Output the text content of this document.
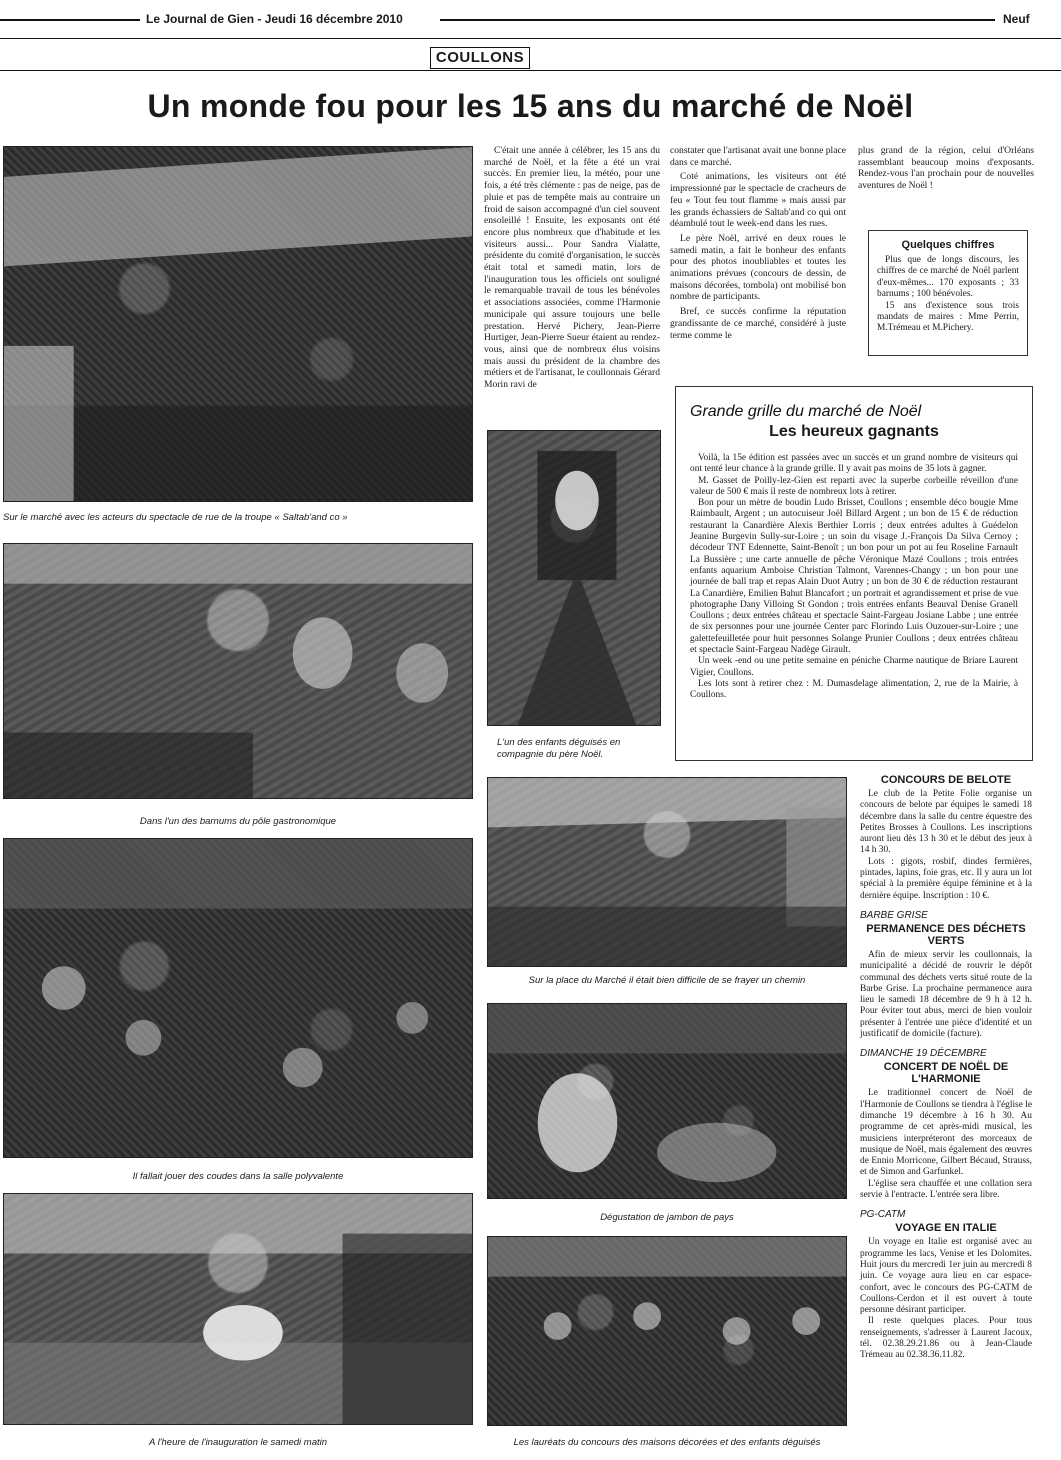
Le Journal de Gien - Jeudi 16 décembre 2010	Neuf
COULLONS
Un monde fou pour les 15 ans du marché de Noël
Sur le marché avec les acteurs du spectacle de rue de la troupe « Saltab'and co »
Dans l'un des barnums du pôle gastronomique
Il fallait jouer des coudes dans la salle polyvalente
A l'heure de l'inauguration le samedi matin

C'était une année à célébrer, les 15 ans du marché de Noël, et la fête a été un vrai succès. En premier lieu, la météo, pour une fois, a été très clémente : pas de neige, pas de pluie et pas de tempête mais au contraire un froid de saison accompagné d'un ciel souvent ensoleillé ! Ensuite, les exposants ont été encore plus nombreux que d'habitude et les visiteurs aussi... Pour Sandra Vialatte, présidente du comité d'organisation, le succès était total et samedi matin, lors de l'inauguration tous les officiels ont souligné le remarquable travail de tous les bénévoles et associations associées, comme l'Harmonie municipale qui assure toujours une belle prestation. Hervé Pichery, Jean-Pierre Hurtiger, Jean-Pierre Sueur étaient au rendez-vous, ainsi que de nombreux élus voisins mais aussi du président de la chambre des métiers et de l'artisanat, le coullonnais Gérard Morin ravi de

constater que l'artisanat avait une bonne place dans ce marché.

Coté animations, les visiteurs ont été impressionné par le spectacle de cracheurs de feu « Tout feu tout flamme » mais aussi par les grands échassiers de Saltab'and co qui ont déambulé tout le week-end dans les rues.

Le père Noël, arrivé en deux roues le samedi matin, a fait le bonheur des enfants pour des photos inoubliables et toutes les animations prévues (concours de dessin, de maisons décorées, tombola) ont mobilisé bon nombre de participants.

Bref, ce succès confirme la réputation grandissante de ce marché, considéré à juste terme comme le

plus grand de la région, celui d'Orléans rassemblant beaucoup moins d'exposants. Rendez-vous l'an prochain pour de nouvelles aventures de Noël !

Quelques chiffres

Plus que de longs discours, les chiffres de ce marché de Noël parlent d'eux-mêmes... 170 exposants ; 33 barnums ; 100 bénévoles.

15 ans d'existence sous trois mandats de maires : Mme Perrin, M.Trémeau et M.Pichery.

L'un des enfants déguisés en compagnie du père Noël.
Grande grille du marché de Noël
Les heureux gagnants

Voilà, la 15e édition est passées avec un succès et un grand nombre de visiteurs qui ont tenté leur chance à la grande grille. Il y avait pas moins de 35 lots à gagner.

M. Gasset de Poilly-lez-Gien est reparti avec la superbe corbeille réveillon d'une valeur de 500 € mais il reste de nombreux lots à retirer.

Bon pour un mètre de boudin Ludo Brisset, Coullons ; ensemble déco bougie Mme Raimbault, Argent ; un autocuiseur Joël Billard Argent ; un bon de 15 € de réduction restaurant la Canardière Alexis Berthier Lorris ; deux entrées adultes à Guédelon Jeanine Burgevin Sully-sur-Loire ; un soin du visage J.-François Da Silva Cernoy ; décodeur TNT Edennette, Saint-Benoît ; un bon pour un pot au feu Roseline Farnault La Bussière ; une carte annuelle de pêche Véronique Mazé Coullons ; trois entrées enfants aquarium Amboise Christian Talmont, Varennes-Changy ; un bon pour une journée de ball trap et repas Alain Duot Autry ; un bon de 30 € de réduction restaurant La Canardière, Emilien Bahut Blancafort ; un portrait et agrandissement et prise de vue photographe Dany Villoing St Gondon ; trois entrées enfants Beauval Denise Granell Coullons ; deux entrées château et spectacle Saint-Fargeau Josiane Labbe ; une entrée de six personnes pour une journée Center parc Florindo Luis Ouzouer-sur-Loire ; une galettefeuilletée pour huit personnes Solange Prunier Coullons ; deux entrées château et spectacle Saint-Fargeau Nadège Girault.

Un week -end ou une petite semaine en péniche Charme nautique de Briare Laurent Vigier, Coullons.

Les lots sont à retirer chez : M. Dumasdelage alimentation, 2, rue de la Mairie, à Coullons.

Sur la place du Marché il était bien difficile de se frayer un chemin
Dégustation de jambon de pays
Les lauréats du concours des maisons décorées et des enfants déguisés
CONCOURS DE BELOTE

Le club de la Petite Folie organise un concours de belote par équipes le samedi 18 décembre dans la salle du centre équestre des Petites Brosses à Coullons. Les inscriptions auront lieu dès 13 h 30 et le début des jeux à 14 h 30.

Lots : gigots, rosbif, dindes fermières, pintades, lapins, foie gras, etc. Il y aura un lot spécial à la première équipe féminine et à la dernière équipe. Inscription : 10 €.

BARBE GRISE
PERMANENCE DES DÉCHETS VERTS

Afin de mieux servir les coullonnais, la municipalité a décidé de rouvrir le dépôt communal des déchets verts situé route de la Barbe Grise. La prochaine permanence aura lieu le samedi 18 décembre de 9 h à 12 h. Pour éviter tout abus, merci de bien vouloir présenter à l'entrée une pièce d'identité et un justificatif de domicile (facture).

DIMANCHE 19 DÉCEMBRE
CONCERT DE NOËL DE L'HARMONIE

Le traditionnel concert de Noël de l'Harmonie de Coullons se tiendra à l'église le dimanche 19 décembre à 16 h 30. Au programme de cet après-midi musical, les musiciens interpréteront des morceaux de musique de Noël, mais également des œuvres de Ennio Morricone, Gilbert Bécaud, Strauss, et de Simon and Garfunkel.

L'église sera chauffée et une collation sera servie à l'entracte. L'entrée sera libre.

PG-CATM
VOYAGE EN ITALIE

Un voyage en Italie est organisé avec au programme les lacs, Venise et les Dolomites. Huit jours du mercredi 1er juin au mercredi 8 juin. Ce voyage aura lieu en car espace-confort, avec le concours des PG-CATM de Coullons-Cerdon et il est ouvert à toute personne désirant participer.

Il reste quelques places. Pour tous renseignements, s'adresser à Laurent Jacoux, tél. 02.38.29.21.86 ou à Jean-Claude Trémeau au 02.38.36.11.82.
